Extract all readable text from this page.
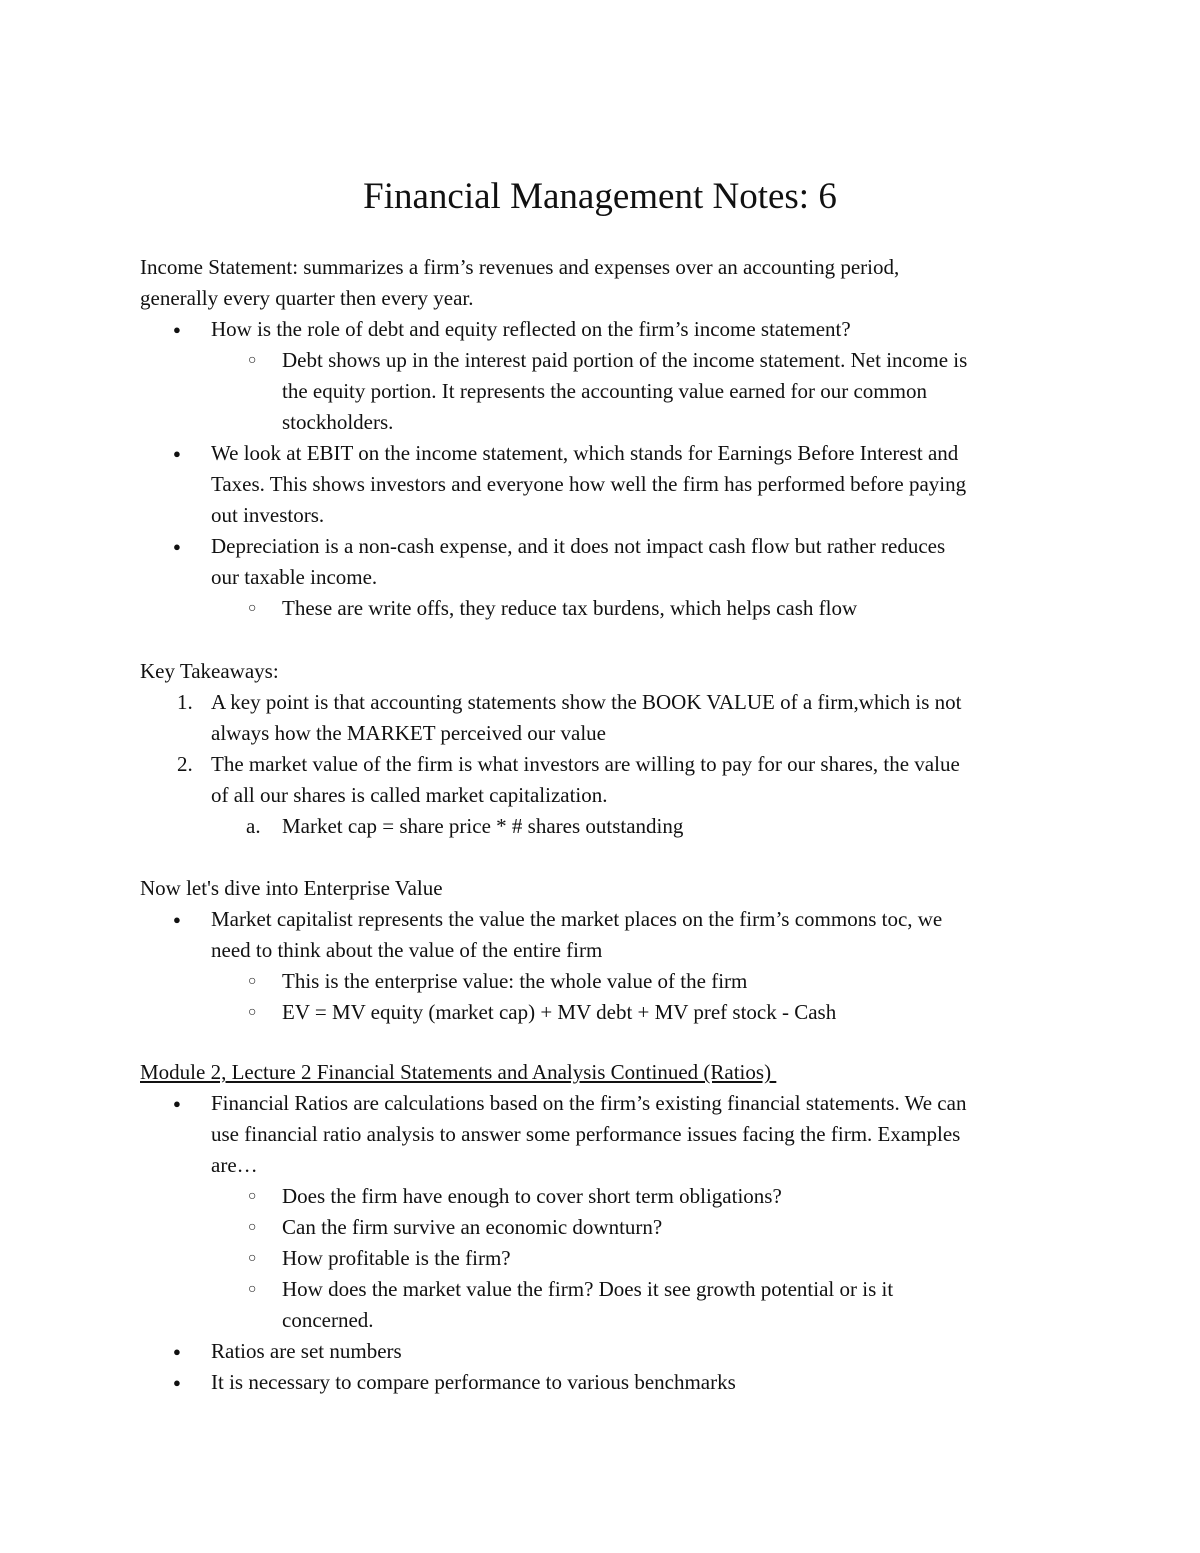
Financial Management Notes: 6
Income Statement: summarizes a firm’s revenues and expenses over an accounting period,
generally every quarter then every year.
● How is the role of debt and equity reflected on the firm’s income statement?
○ Debt shows up in the interest paid portion of the income statement. Net income is
the equity portion. It represents the accounting value earned for our common
stockholders.
● We look at EBIT on the income statement, which stands for Earnings Before Interest and
Taxes. This shows investors and everyone how well the firm has performed before paying
out investors.
● Depreciation is a non-cash expense, and it does not impact cash flow but rather reduces
our taxable income.
○ These are write offs, they reduce tax burdens, which helps cash flow
Key Takeaways:
1. A key point is that accounting statements show the BOOK VALUE of a firm,which is not
always how the MARKET perceived our value
2. The market value of the firm is what investors are willing to pay for our shares, the value
of all our shares is called market capitalization.
a. Market cap = share price * # shares outstanding
Now let's dive into Enterprise Value
● Market capitalist represents the value the market places on the firm’s commons toc, we
need to think about the value of the entire firm
○ This is the enterprise value: the whole value of the firm
○ EV = MV equity (market cap) + MV debt + MV pref stock - Cash
Module 2, Lecture 2 Financial Statements and Analysis Continued (Ratios)
● Financial Ratios are calculations based on the firm’s existing financial statements. We can
use financial ratio analysis to answer some performance issues facing the firm. Examples
are…
○ Does the firm have enough to cover short term obligations?
○ Can the firm survive an economic downturn?
○ How profitable is the firm?
○ How does the market value the firm? Does it see growth potential or is it
concerned.
● Ratios are set numbers
● It is necessary to compare performance to various benchmarks
